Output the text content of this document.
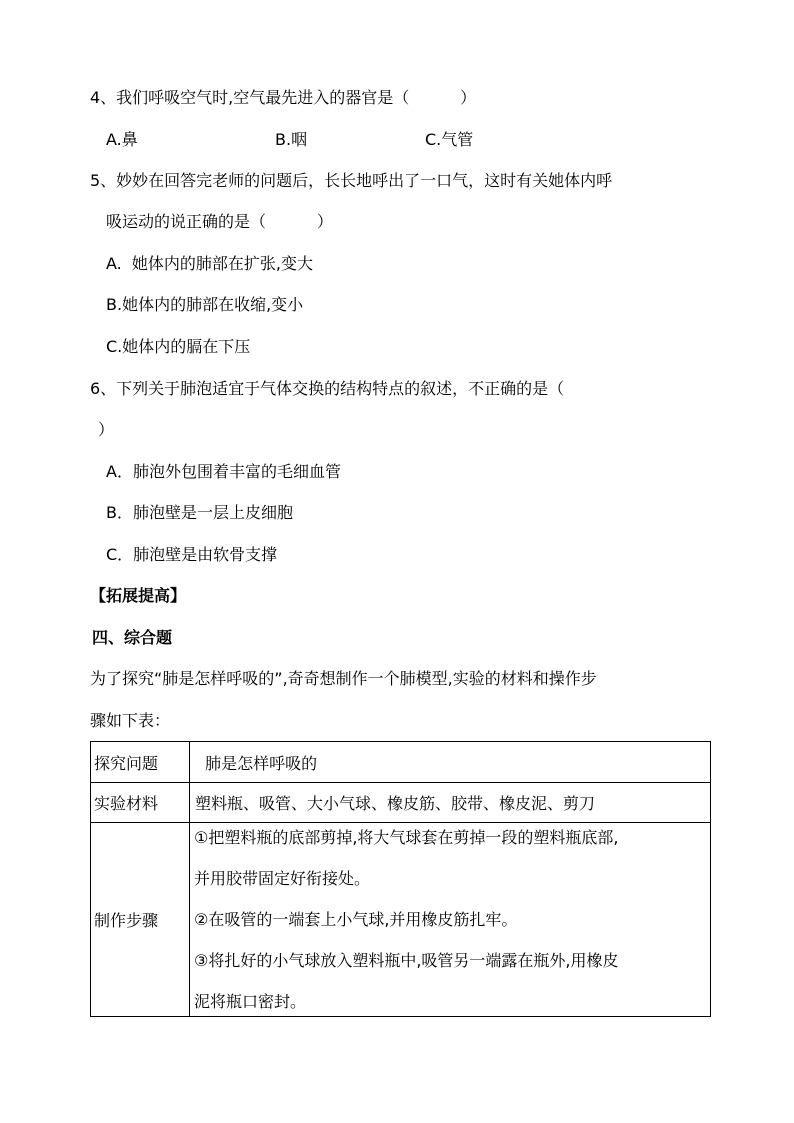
4、我们呼吸空气时,空气最先进入的器官是（          ）
A.鼻	B.咽	C.气管
5、妙妙在回答完老师的问题后，长长地呼出了一口气，这时有关她体内呼
吸运动的说正确的是（          ）
A.  她体内的肺部在扩张,变大
B.她体内的肺部在收缩,变小
C.她体内的膈在下压
6、下列关于肺泡适宜于气体交换的结构特点的叙述，不正确的是（
）
A．肺泡外包围着丰富的毛细血管
B．肺泡壁是一层上皮细胞
C．肺泡壁是由软骨支撑
【拓展提高】
四、综合题
为了探究“肺是怎样呼吸的”,奇奇想制作一个肺模型,实验的材料和操作步
骤如下表：
探究问题	肺是怎样呼吸的
实验材料	塑料瓶、吸管、大小气球、橡皮筋、胶带、橡皮泥、剪刀
制作步骤	①把塑料瓶的底部剪掉,将大气球套在剪掉一段的塑料瓶底部,
并用胶带固定好衔接处。
②在吸管的一端套上小气球,并用橡皮筋扎牢。
③将扎好的小气球放入塑料瓶中,吸管另一端露在瓶外,用橡皮
泥将瓶口密封。
